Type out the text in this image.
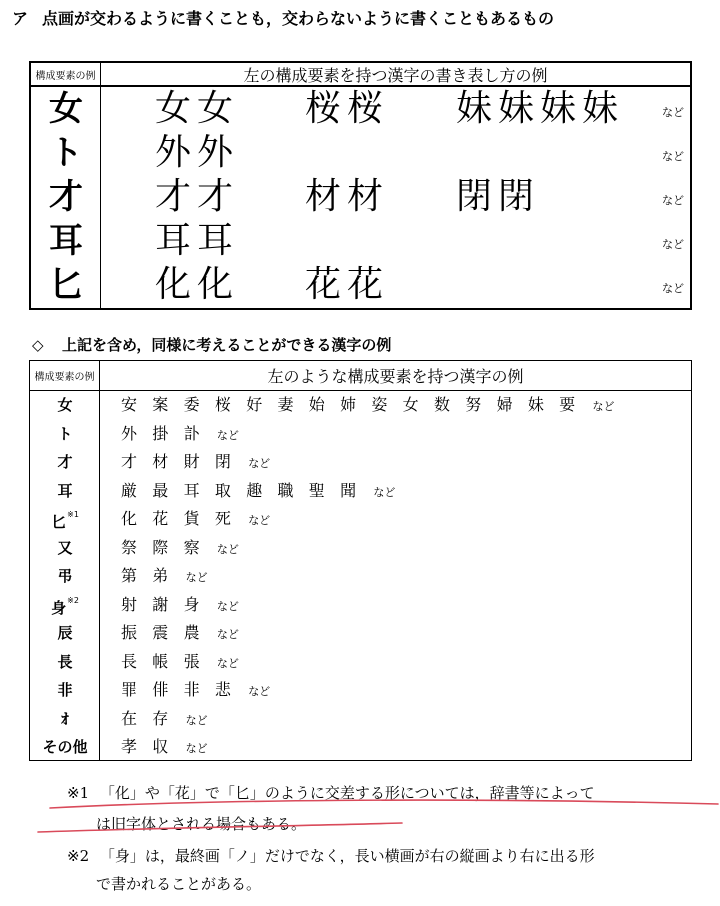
ア 点画が交わるように書くことも，交わらないように書くこともあるもの
構成要素の例	左の構成要素を持つ漢字の書き表し方の例
女	女女 桜桜 妹妹妹妹	など
ト	外外	など
才	才才 材材 閉閉	など
耳	耳耳	など
匕	化化 花花	など
◇ 上記を含め，同様に考えることができる漢字の例
構成要素の例	左のような構成要素を持つ漢字の例
女	安 案 委 桜 好 妻 始 姉 姿 女 数 努 婦 妹 要 など
ト	外 掛 訃 など
才	才 材 財 閉 など
耳	厳 最 耳 取 趣 職 聖 聞 など
匕$^{※1}$	化 花 貨 死 など
又	祭 際 察 など
弔	第 弟 など
身$^{※2}$	射 謝 身 など
辰	振 震 農 など
長	長 帳 張 など
非	罪 俳 非 悲 など
ｵ	在 存 など
その他	孝 収 など
※1 「化」や「花」で「匕」のように交差する形については，辞書等によって
は旧字体とされる場合もある。
※2 「身」は，最終画「ノ」だけでなく，長い横画が右の縦画より右に出る形
で書かれることがある。
